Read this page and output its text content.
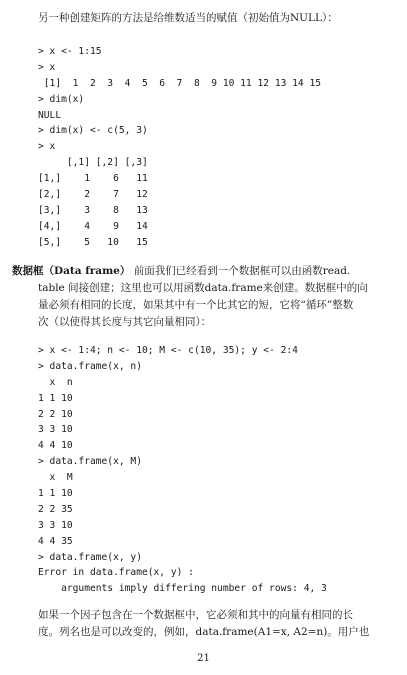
另一种创建矩阵的方法是给维数适当的赋值（初始值为NULL）：
> x <- 1:15
> x
[1]  1  2  3  4  5  6  7  8  9 10 11 12 13 14 15
> dim(x)
NULL
> dim(x) <- c(5, 3)
> x
[,1] [,2] [,3]
[1,]    1    6   11
[2,]    2    7   12
[3,]    3    8   13
[4,]    4    9   14
[5,]    5   10   15
数据框（Data frame） 前面我们已经看到一个数据框可以由函数read.
table 间接创建；这里也可以用函数data.frame来创建。数据框中的向
量必须有相同的长度，如果其中有一个比其它的短，它将“循环”整数
次（以使得其长度与其它向量相同）：
> x <- 1:4; n <- 10; M <- c(10, 35); y <- 2:4
> data.frame(x, n)
x  n
1 1 10
2 2 10
3 3 10
4 4 10
> data.frame(x, M)
x  M
1 1 10
2 2 35
3 3 10
4 4 35
> data.frame(x, y)
Error in data.frame(x, y) :
arguments imply differing number of rows: 4, 3
如果一个因子包含在一个数据框中，它必须和其中的向量有相同的长
度。列名也是可以改变的，例如，data.frame(A1=x, A2=n)。用户也
21
